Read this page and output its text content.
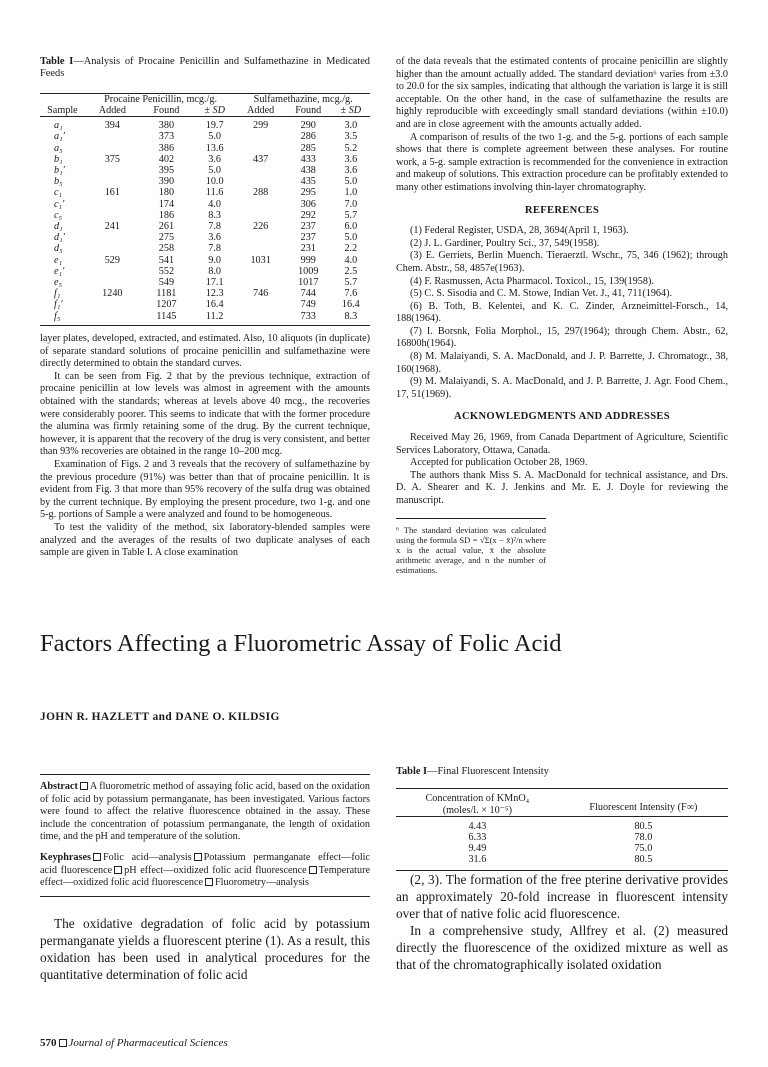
Table I—Analysis of Procaine Penicillin and Sulfamethazine in Medicated Feeds
	Procaine Penicillin, mcg./g.			Sulfamethazine, mcg./g.		
Sample	Added	Found	± SD	Added	Found	± SD
a₁	394	380	19.7	299	290	3.0
a₁′		373	5.0		286	3.5
a₅		386	13.6		285	5.2
b₁	375	402	3.6	437	433	3.6
b₁′		395	5.0		438	3.6
b₅		390	10.0		435	5.0
c₁	161	180	11.6	288	295	1.0
c₁′		174	4.0		306	7.0
c₅		186	8.3		292	5.7
d₁	241	261	7.8	226	237	6.0
d₁′		275	3.6		237	5.0
d₅		258	7.8		231	2.2
e₁	529	541	9.0	1031	999	4.0
e₁′		552	8.0		1009	2.5
e₅		549	17.1		1017	5.7
f₁	1240	1181	12.3	746	744	7.6
f₁′		1207	16.4		749	16.4
f₅		1145	11.2		733	8.3

layer plates, developed, extracted, and estimated. Also, 10 aliquots (in duplicate) of separate standard solutions of procaine penicillin and sulfamethazine were directly determined to obtain the standard curves.

It can be seen from Fig. 2 that by the previous technique, extraction of procaine penicillin at low levels was almost in agreement with the amounts obtained with the standards; whereas at levels above 40 mcg., the recoveries were considerably poorer. This seems to indicate that with the former procedure the alumina was firmly retaining some of the drug. By the current technique, however, it is apparent that the recovery of the drug is very consistent, and better than 93% recoveries are obtained in the range 10–200 mcg.

Examination of Figs. 2 and 3 reveals that the recovery of sulfamethazine by the previous procedure (91%) was better than that of procaine penicillin. It is evident from Fig. 3 that more than 95% recovery of the sulfa drug was obtained by the current technique. By employing the present procedure, two 1-g. and one 5-g. portions of Sample a were analyzed and found to be homogeneous.

To test the validity of the method, six laboratory-blended samples were analyzed and the averages of the results of two duplicate analyses of each sample are given in Table I. A close examination

of the data reveals that the estimated contents of procaine penicillin are slightly higher than the amount actually added. The standard deviation⁶ varies from ±3.0 to 20.0 for the six samples, indicating that although the variation is large it is still acceptable. On the other hand, in the case of sulfamethazine the results are highly reproducible with exceedingly small standard deviations (within ±10.0) and are in close agreement with the amounts actually added.

A comparison of results of the two 1-g. and the 5-g. portions of each sample shows that there is complete agreement between these analyses. For routine work, a 5-g. sample extraction is recommended for the convenience in extraction and makeup of solutions. This extraction procedure can be profitably extended to many other estimations involving thin-layer chromatography.

REFERENCES
(1) Federal Register, USDA, 28, 3694(April 1, 1963).
(2) J. L. Gardiner, Poultry Sci., 37, 549(1958).
(3) E. Gerriets, Berlin Muench. Tieraerztl. Wschr., 75, 346 (1962); through Chem. Abstr., 58, 4857e(1963).
(4) F. Rasmussen, Acta Pharmacol. Toxicol., 15, 139(1958).
(5) C. S. Sisodia and C. M. Stowe, Indian Vet. J., 41, 711(1964).
(6) B. Toth, B. Kelentei, and K. C. Zinder, Arzneimittel-Forsch., 14, 188(1964).
(7) I. Borsnk, Folia Morphol., 15, 297(1964); through Chem. Abstr., 62, 16800h(1964).
(8) M. Malaiyandi, S. A. MacDonald, and J. P. Barrette, J. Chromatogr., 38, 160(1968).
(9) M. Malaiyandi, S. A. MacDonald, and J. P. Barrette, J. Agr. Food Chem., 17, 51(1969).
ACKNOWLEDGMENTS AND ADDRESSES

Received May 26, 1969, from Canada Department of Agriculture, Scientific Services Laboratory, Ottawa, Canada.

Accepted for publication October 28, 1969.

The authors thank Miss S. A. MacDonald for technical assistance, and Drs. D. A. Shearer and K. J. Jenkins and Mr. E. J. Doyle for reviewing the manuscript.

⁶ The standard deviation was calculated using the formula SD = √Σ(x − x̄)²/n where x is the actual value, x̄ the absolute arithmetic average, and n the number of estimations.
Factors Affecting a Fluorometric Assay of Folic Acid
JOHN R. HAZLETT and DANE O. KILDSIG
Abstract A fluorometric method of assaying folic acid, based on the oxidation of folic acid by potassium permanganate, has been investigated. Various factors were found to affect the relative fluorescence obtained in the assay. These include the concentration of potassium permanganate, the length of oxidation time, and the pH and temperature of the solution.
Keyphrases Folic acid—analysis Potassium permanganate effect—folic acid fluorescence pH effect—oxidized folic acid fluorescence Temperature effect—oxidized folic acid fluorescence Fluorometry—analysis

The oxidative degradation of folic acid by potassium permanganate yields a fluorescent pterine (1). As a result, this oxidation has been used in analytical procedures for the quantitative determination of folic acid

Table I—Final Fluorescent Intensity
Concentration of KMnO₄
(moles/l. × 10⁻⁵)	Fluorescent Intensity (F∞)
4.43	80.5
6.33	78.0
9.49	75.0
31.6	80.5

(2, 3). The formation of the free pterine derivative provides an approximately 20-fold increase in fluorescent intensity over that of native folic acid fluorescence.

In a comprehensive study, Allfrey et al. (2) measured directly the fluorescence of the oxidized mixture as well as that of the chromatographically isolated oxidation

570 Journal of Pharmaceutical Sciences
